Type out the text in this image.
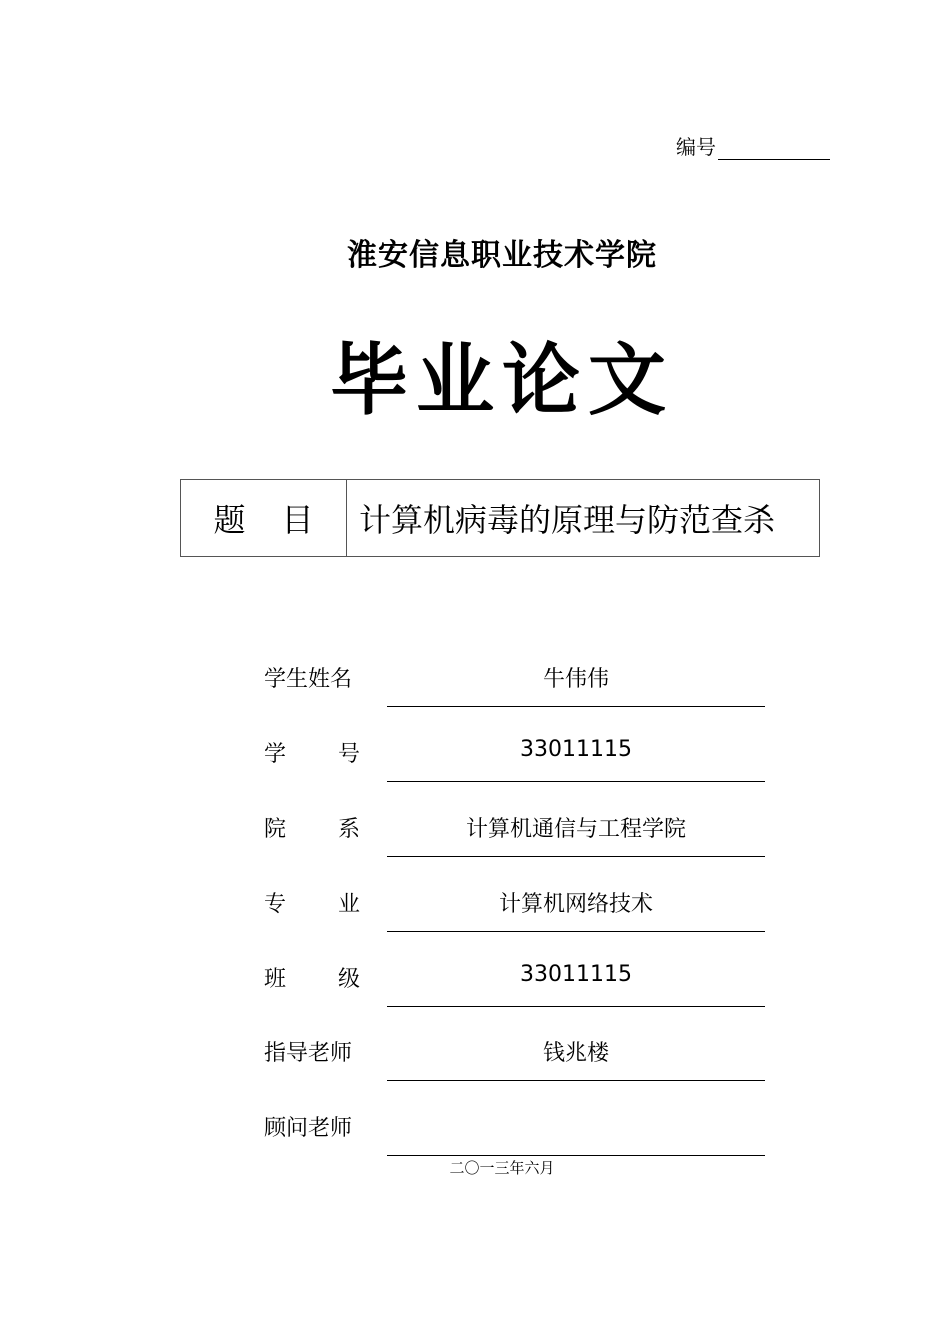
编号
淮安信息职业技术学院
毕业论文
题 目	计算机病毒的原理与防范查杀
学生姓名	牛伟伟
学 号	33011115
院 系	计算机通信与工程学院
专 业	计算机网络技术
班 级	33011115
指导老师	钱兆楼
顾问老师
二〇一三年六月
